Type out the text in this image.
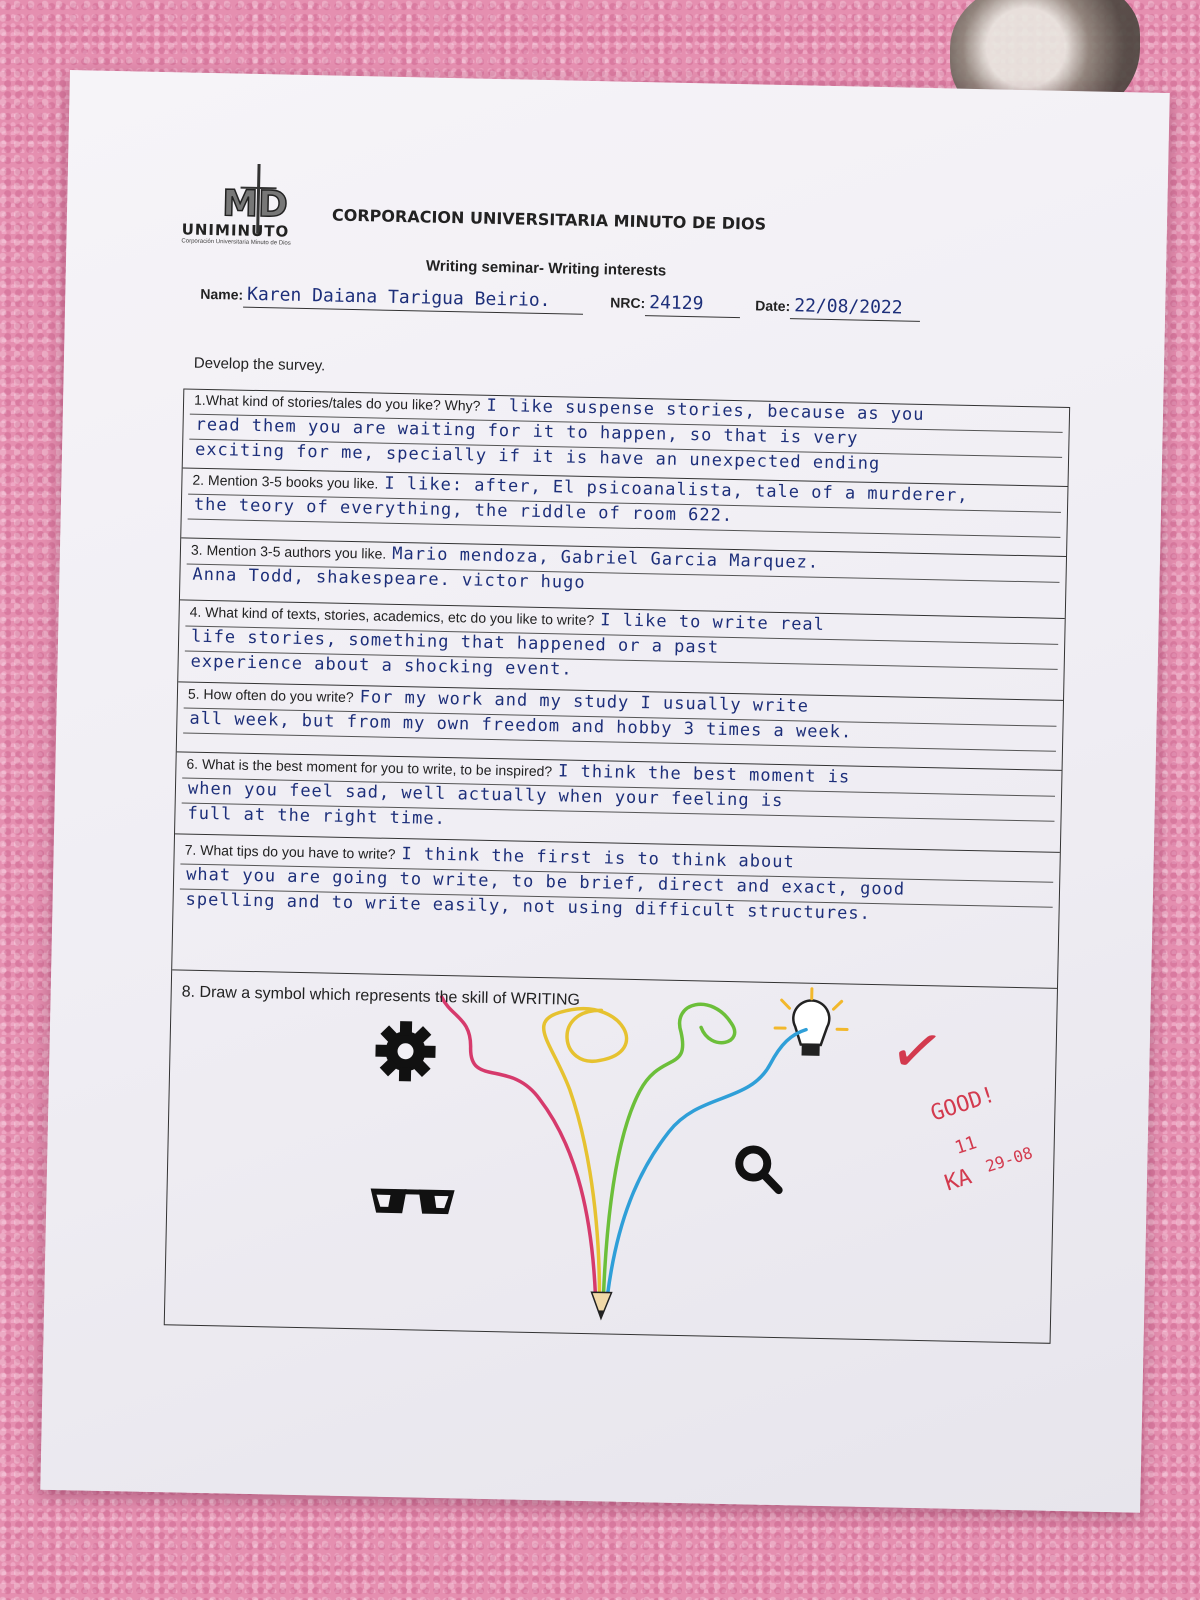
MD
UNIMINUTO
Corporación Universitaria Minuto de Dios
CORPORACION UNIVERSITARIA MINUTO DE DIOS
Writing seminar- Writing interests
Name: Karen Daiana Tarigua Beirio.	NRC: 24129	Date: 22/08/2022
Develop the survey.
1.What kind of stories/tales do you like? Why? I like suspense stories, because as you
read them you are waiting for it to happen, so that is very
exciting for me, specially if it is have an unexpected ending
2. Mention 3-5 books you like. I like: after, El psicoanalista, tale of a murderer,
the teory of everything, the riddle of room 622.
3. Mention 3-5 authors you like. Mario mendoza, Gabriel Garcia Marquez.
Anna Todd, shakespeare. victor hugo
4. What kind of texts, stories, academics, etc do you like to write? I like to write real
life stories, something that happened or a past
experience about a shocking event.
5. How often do you write? For my work and my study I usually write
all week, but from my own freedom and hobby 3 times a week.
6. What is the best moment for you to write, to be inspired? I think the best moment is
when you feel sad, well actually when your feeling is
full at the right time.
7. What tips do you have to write? I think the first is to think about
what you are going to write, to be brief, direct and exact, good
spelling and to write easily, not using difficult structures.
8. Draw a symbol which represents the skill of WRITING
✓
GOOD!
11
KA
29-08
